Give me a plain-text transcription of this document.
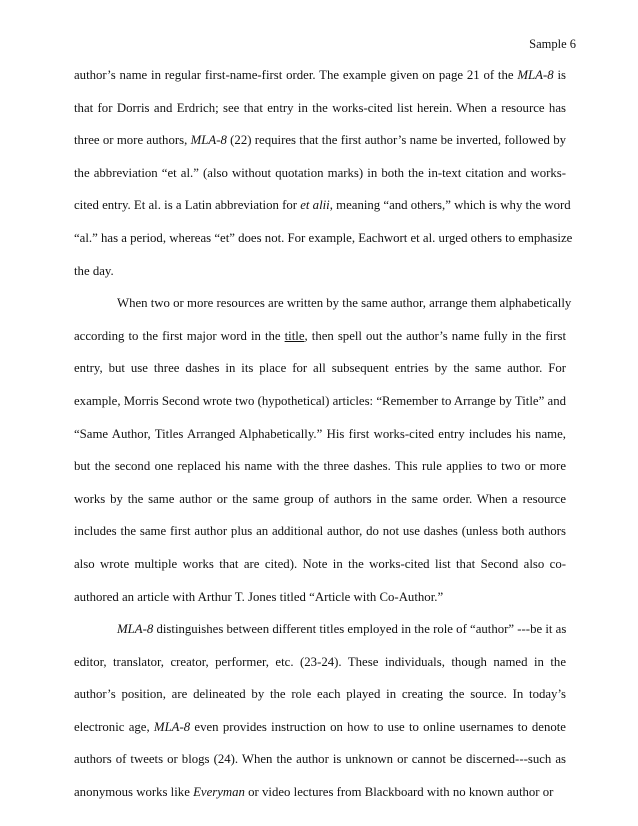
Sample 6
author’s name in regular first-name-first order. The example given on page 21 of the MLA-8 is
that for Dorris and Erdrich; see that entry in the works-cited list herein. When a resource has
three or more authors, MLA-8 (22) requires that the first author’s name be inverted, followed by
the abbreviation “et al.” (also without quotation marks) in both the in-text citation and works-
cited entry. Et al. is a Latin abbreviation for et alii, meaning “and others,” which is why the word
“al.” has a period, whereas “et” does not. For example, Eachwort et al. urged others to emphasize
the day.
When two or more resources are written by the same author, arrange them alphabetically
according to the first major word in the title, then spell out the author’s name fully in the first
entry, but use three dashes in its place for all subsequent entries by the same author. For
example, Morris Second wrote two (hypothetical) articles: “Remember to Arrange by Title” and
“Same Author, Titles Arranged Alphabetically.” His first works-cited entry includes his name,
but the second one replaced his name with the three dashes. This rule applies to two or more
works by the same author or the same group of authors in the same order. When a resource
includes the same first author plus an additional author, do not use dashes (unless both authors
also wrote multiple works that are cited). Note in the works-cited list that Second also co-
authored an article with Arthur T. Jones titled “Article with Co-Author.”
MLA-8 distinguishes between different titles employed in the role of “author” ---be it as
editor, translator, creator, performer, etc. (23-24). These individuals, though named in the
author’s position, are delineated by the role each played in creating the source. In today’s
electronic age, MLA-8 even provides instruction on how to use to online usernames to denote
authors of tweets or blogs (24). When the author is unknown or cannot be discerned---such as
anonymous works like Everyman or video lectures from Blackboard with no known author or
